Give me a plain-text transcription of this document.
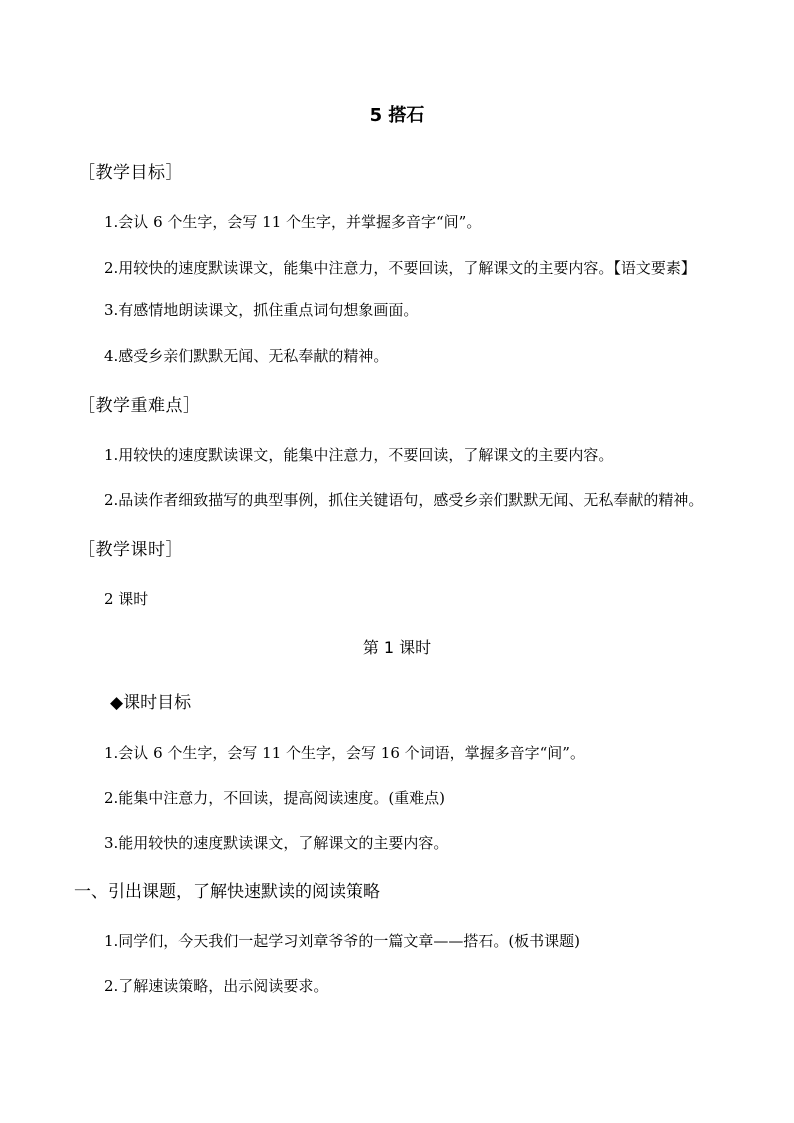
5 搭石
［教学目标］
1.会认 6 个生字，会写 11 个生字，并掌握多音字“间”。
2.用较快的速度默读课文，能集中注意力，不要回读，了解课文的主要内容。【语文要素】
3.有感情地朗读课文，抓住重点词句想象画面。
4.感受乡亲们默默无闻、无私奉献的精神。
［教学重难点］
1.用较快的速度默读课文，能集中注意力，不要回读，了解课文的主要内容。
2.品读作者细致描写的典型事例，抓住关键语句，感受乡亲们默默无闻、无私奉献的精神。
［教学课时］
2 课时
第 1 课时
◆课时目标
1.会认 6 个生字，会写 11 个生字，会写 16 个词语，掌握多音字“间”。
2.能集中注意力，不回读，提高阅读速度。(重难点)
3.能用较快的速度默读课文，了解课文的主要内容。
一、引出课题，了解快速默读的阅读策略
1.同学们，今天我们一起学习刘章爷爷的一篇文章——搭石。(板书课题)
2.了解速读策略，出示阅读要求。
